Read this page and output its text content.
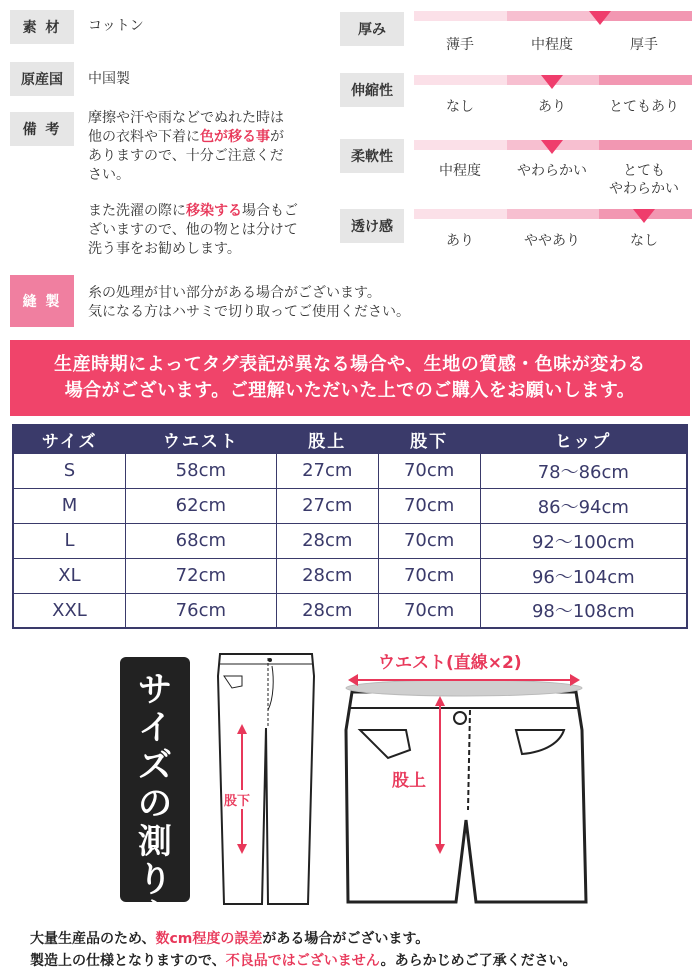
素 材	コットン
原産国	中国製
備 考
摩擦や汗や雨などでぬれた時は
他の衣料や下着に色が移る事が
ありますので、十分ご注意くだ
さい。
また洗濯の際に移染する場合もご
ざいますので、他の物とは分けて
洗う事をお勧めします。
縫 製
糸の処理が甘い部分がある場合がございます。
気になる方はハサミで切り取ってご使用ください。
厚み
薄手	中程度	厚手
伸縮性
なし	あり	とてもあり
柔軟性
中程度	やわらかい	とても
やわらかい
透け感
あり	ややあり	なし
生産時期によってタグ表記が異なる場合や、生地の質感・色味が変わる
場合がございます。ご理解いただいた上でのご購入をお願いします。
サイズ	ウエスト	股上	股下	ヒップ
S	58cm	27cm	70cm	78〜86cm
M	62cm	27cm	70cm	86〜94cm
L	68cm	28cm	70cm	92〜100cm
XL	72cm	28cm	70cm	96〜104cm
XXL	76cm	28cm	70cm	98〜108cm
サイズの測り方
股下
ウエスト(直線×2)
股上
大量生産品のため、数cm程度の誤差がある場合がございます。
製造上の仕様となりますので、不良品ではございません。あらかじめご了承ください。
